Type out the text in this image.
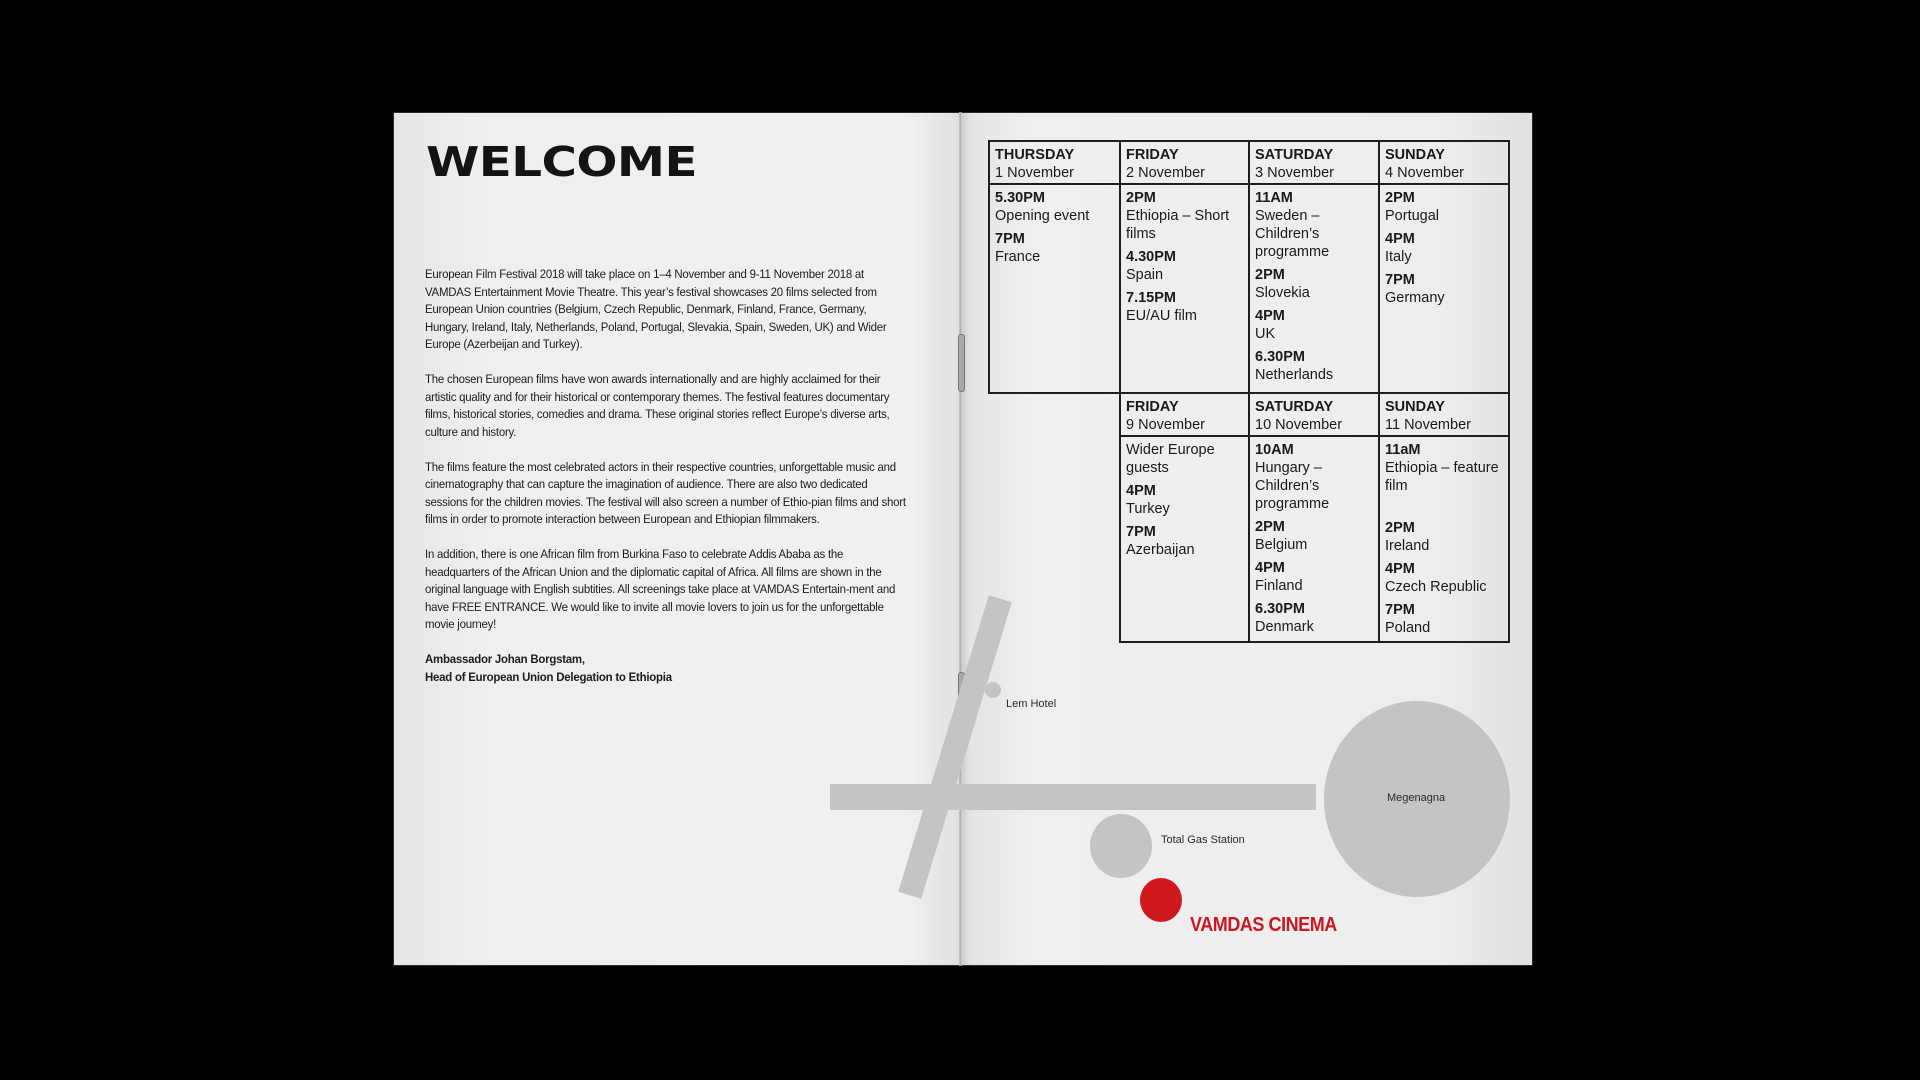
WELCOME

European Film Festival 2018 will take place on 1–4 November and 9-11 November 2018 at VAMDAS Entertainment Movie Theatre. This year’s festival showcases 20 films selected from European Union countries (Belgium, Czech Republic, Denmark, Finland, France, Germany, Hungary, Ireland, Italy, Netherlands, Poland, Portugal, Slevakia, Spain, Sweden, UK) and Wider Europe (Azerbeijan and Turkey).

The chosen European films have won awards internationally and are highly acclaimed for their artistic quality and for their historical or contemporary themes. The festival features documentary films, historical stories, comedies and drama. These original stories reflect Europe’s diverse arts, culture and history.

The films feature the most celebrated actors in their respective countries, unforgettable music and cinematography that can capture the imagination of audience. There are also two dedicated sessions for the children movies. The festival will also screen a number of Ethio-pian films and short films in order to promote interaction between European and Ethiopian filmmakers.

In addition, there is one African film from Burkina Faso to celebrate Addis Ababa as the headquarters of the African Union and the diplomatic capital of Africa. All films are shown in the original language with English subtities. All screenings take place at VAMDAS Entertain-ment and have FREE ENTRANCE. We would like to invite all movie lovers to join us for the unforgettable movie journey!

Ambassador Johan Borgstam,

Head of European Union Delegation to Ethiopia

Lem Hotel
Total Gas Station
Megenagna
VAMDAS CINEMA
THURSDAY
1 November
FRIDAY
2 November
SATURDAY
3 November
SUNDAY
4 November
5.30PM
Opening event
7PM
France
2PM
Ethiopia – Short films
4.30PM
Spain
7.15PM
EU/AU film
11AM
Sweden – Children’s programme
2PM
Slovekia
4PM
UK
6.30PM
Netherlands
2PM
Portugal
4PM
Italy
7PM
Germany
FRIDAY
9 November
SATURDAY
10 November
SUNDAY
11 November
Wider Europe guests
4PM
Turkey
7PM
Azerbaijan
10AM
Hungary – Children’s programme
2PM
Belgium
4PM
Finland
6.30PM
Denmark
11aM
Ethiopia – feature film
2PM
Ireland
4PM
Czech Republic
7PM
Poland
